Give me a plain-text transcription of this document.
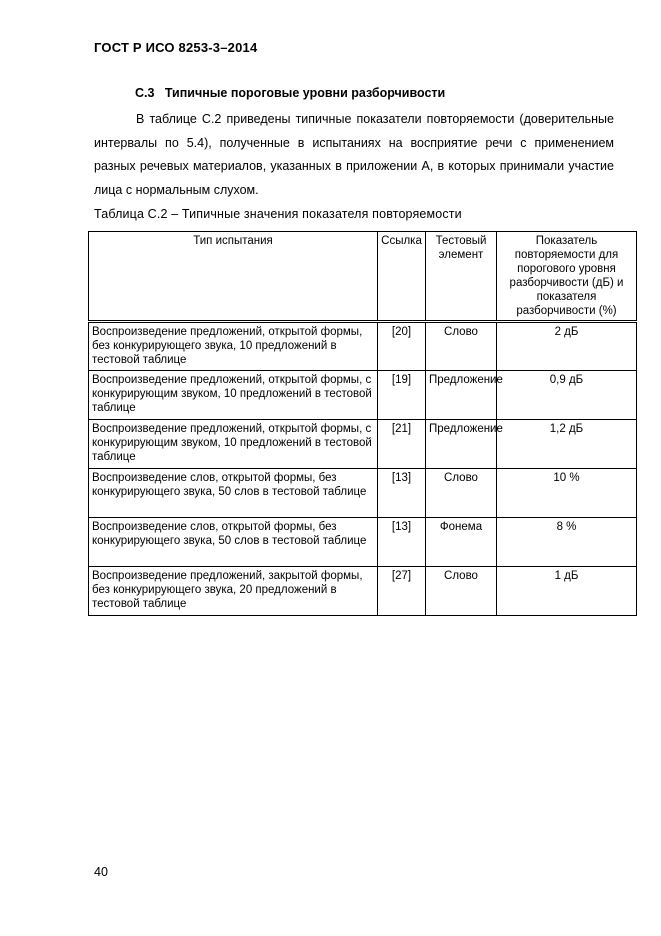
ГОСТ Р ИСО 8253-3–2014
С.3 Типичные пороговые уровни разборчивости
В таблице С.2 приведены типичные показатели повторяемости (доверительные интервалы по 5.4), полученные в испытаниях на восприятие речи с применением разных речевых материалов, указанных в приложении А, в которых принимали участие лица с нормальным слухом.
Таблица С.2 – Типичные значения показателя повторяемости
Тип испытания	Ссылка	Тестовый элемент	Показатель повторяемости для порогового уровня разборчивости (дБ) и показателя разборчивости (%)
Воспроизведение предложений, открытой формы, без конкурирующего звука, 10 предложений в тестовой таблице	[20]	Слово	2 дБ
Воспроизведение предложений, открытой формы, с конкурирующим звуком, 10 предложений в тестовой таблице	[19]	Предложение	0,9 дБ
Воспроизведение предложений, открытой формы, с конкурирующим звуком, 10 предложений в тестовой таблице	[21]	Предложение	1,2 дБ
Воспроизведение слов, открытой формы, без конкурирующего звука, 50 слов в тестовой таблице	[13]	Слово	10 %
Воспроизведение слов, открытой формы, без конкурирующего звука, 50 слов в тестовой таблице	[13]	Фонема	8 %
Воспроизведение предложений, закрытой формы, без конкурирующего звука, 20 предложений в тестовой таблице	[27]	Слово	1 дБ
40
